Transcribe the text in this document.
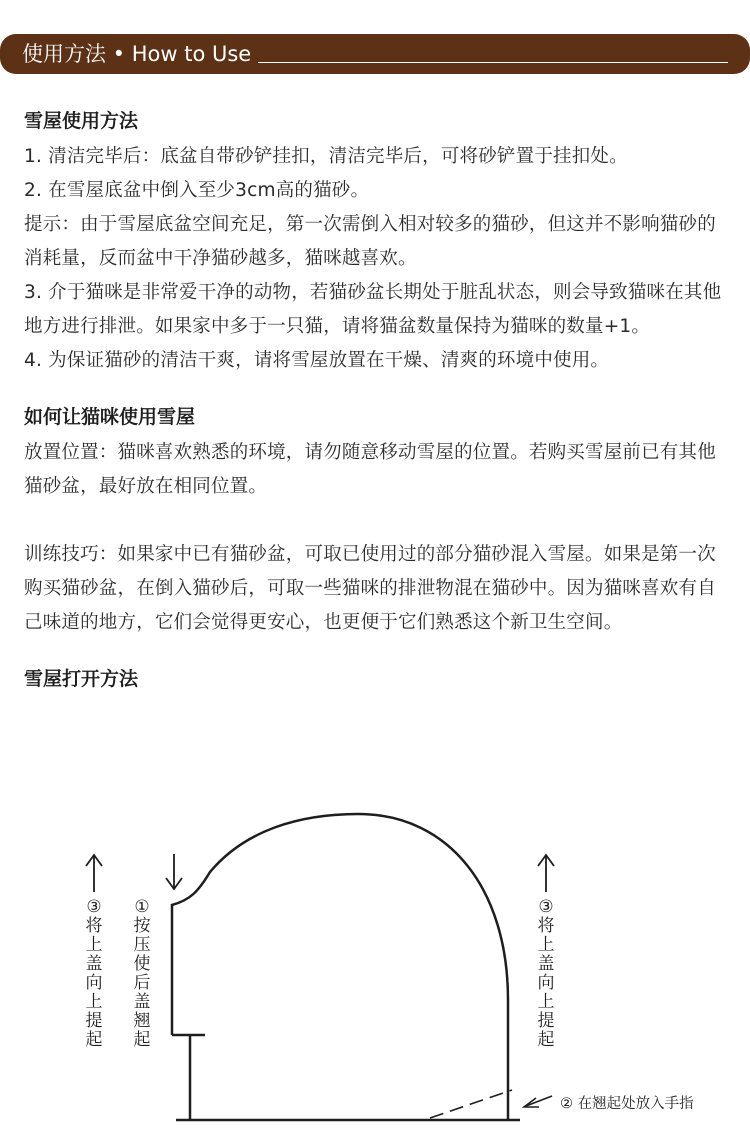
使用方法 • How to Use
雪屋使用方法

1. 清洁完毕后：底盆自带砂铲挂扣，清洁完毕后，可将砂铲置于挂扣处。

2. 在雪屋底盆中倒入至少3cm高的猫砂。

提示：由于雪屋底盆空间充足，第一次需倒入相对较多的猫砂，但这并不影响猫砂的消耗量，反而盆中干净猫砂越多，猫咪越喜欢。

3. 介于猫咪是非常爱干净的动物，若猫砂盆长期处于脏乱状态，则会导致猫咪在其他地方进行排泄。如果家中多于一只猫，请将猫盆数量保持为猫咪的数量+1。

4. 为保证猫砂的清洁干爽，请将雪屋放置在干燥、清爽的环境中使用。

如何让猫咪使用雪屋

放置位置：猫咪喜欢熟悉的环境，请勿随意移动雪屋的位置。若购买雪屋前已有其他猫砂盆，最好放在相同位置。

训练技巧：如果家中已有猫砂盆，可取已使用过的部分猫砂混入雪屋。如果是第一次购买猫砂盆，在倒入猫砂后，可取一些猫咪的排泄物混在猫砂中。因为猫咪喜欢有自己味道的地方，它们会觉得更安心，也更便于它们熟悉这个新卫生空间。

雪屋打开方法
③将上盖向上提起
①按压使后盖翘起
③将上盖向上提起
② 在翘起处放入手指
